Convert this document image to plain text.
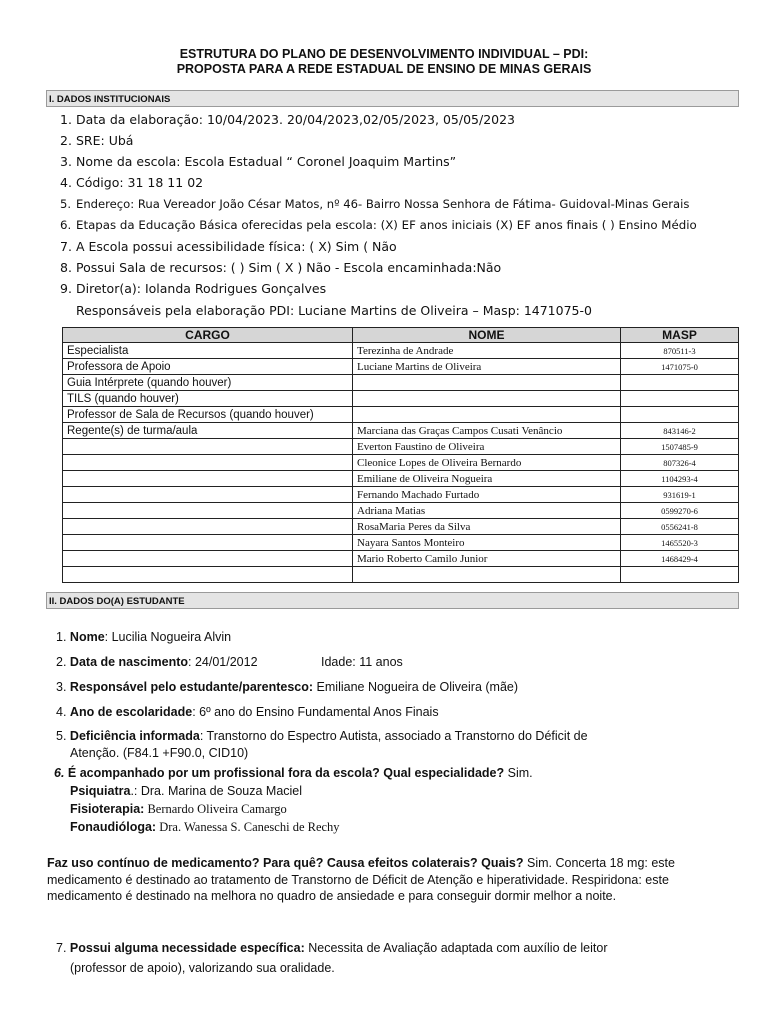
ESTRUTURA DO PLANO DE DESENVOLVIMENTO INDIVIDUAL – PDI:
PROPOSTA PARA A REDE ESTADUAL DE ENSINO DE MINAS GERAIS
I. DADOS INSTITUCIONAIS
1. Data da elaboração: 10/04/2023. 20/04/2023,02/05/2023, 05/05/2023
2. SRE: Ubá
3. Nome da escola: Escola Estadual “ Coronel Joaquim Martins”
4. Código: 31 18 11 02
5. Endereço: Rua Vereador João César Matos, nº 46- Bairro Nossa Senhora de Fátima- Guidoval-Minas Gerais
6. Etapas da Educação Básica oferecidas pela escola: (X) EF anos iniciais (X) EF anos finais ( ) Ensino Médio
7. A Escola possui acessibilidade física: ( X) Sim ( Não
8. Possui Sala de recursos: ( ) Sim ( X ) Não - Escola encaminhada:Não
9. Diretor(a): Iolanda Rodrigues Gonçalves
Responsáveis pela elaboração PDI: Luciane Martins de Oliveira – Masp: 1471075-0
CARGO	NOME	MASP
Especialista	Terezinha de Andrade	870511-3
Professora de Apoio	Luciane Martins de Oliveira	1471075-0
Guia Intérprete (quando houver)		
TILS (quando houver)		
Professor de Sala de Recursos (quando houver)		
Regente(s) de turma/aula	Marciana das Graças Campos Cusati Venâncio	843146-2
	Everton Faustino de Oliveira	1507485-9
	Cleonice Lopes de Oliveira Bernardo	807326-4
	Emiliane de Oliveira Nogueira	1104293-4
	Fernando Machado Furtado	931619-1
	Adriana Matias	0599270-6
	RosaMaria Peres da Silva	0556241-8
	Nayara Santos Monteiro	1465520-3
	Mario Roberto Camilo Junior	1468429-4

II. DADOS DO(A) ESTUDANTE
1. Nome: Lucilia Nogueira Alvin
2. Data de nascimento: 24/01/2012	Idade: 11 anos
3. Responsável pelo estudante/parentesco: Emiliane Nogueira de Oliveira (mãe)
4. Ano de escolaridade: 6º ano do Ensino Fundamental Anos Finais
5. Deficiência informada: Transtorno do Espectro Autista, associado a Transtorno do Déficit de
Atenção. (F84.1 +F90.0, CID10)
6. É acompanhado por um profissional fora da escola? Qual especialidade? Sim.
Psiquiatra.: Dra. Marina de Souza Maciel
Fisioterapia: Bernardo Oliveira Camargo
Fonaudióloga: Dra. Wanessa S. Caneschi de Rechy
Faz uso contínuo de medicamento? Para quê? Causa efeitos colaterais? Quais? Sim. Concerta 18 mg: este medicamento é destinado ao tratamento de Transtorno de Déficit de Atenção e hiperatividade. Respiridona: este medicamento é destinado na melhora no quadro de ansiedade e para conseguir dormir melhor a noite.
7. Possui alguma necessidade específica: Necessita de Avaliação adaptada com auxílio de leitor
(professor de apoio), valorizando sua oralidade.
